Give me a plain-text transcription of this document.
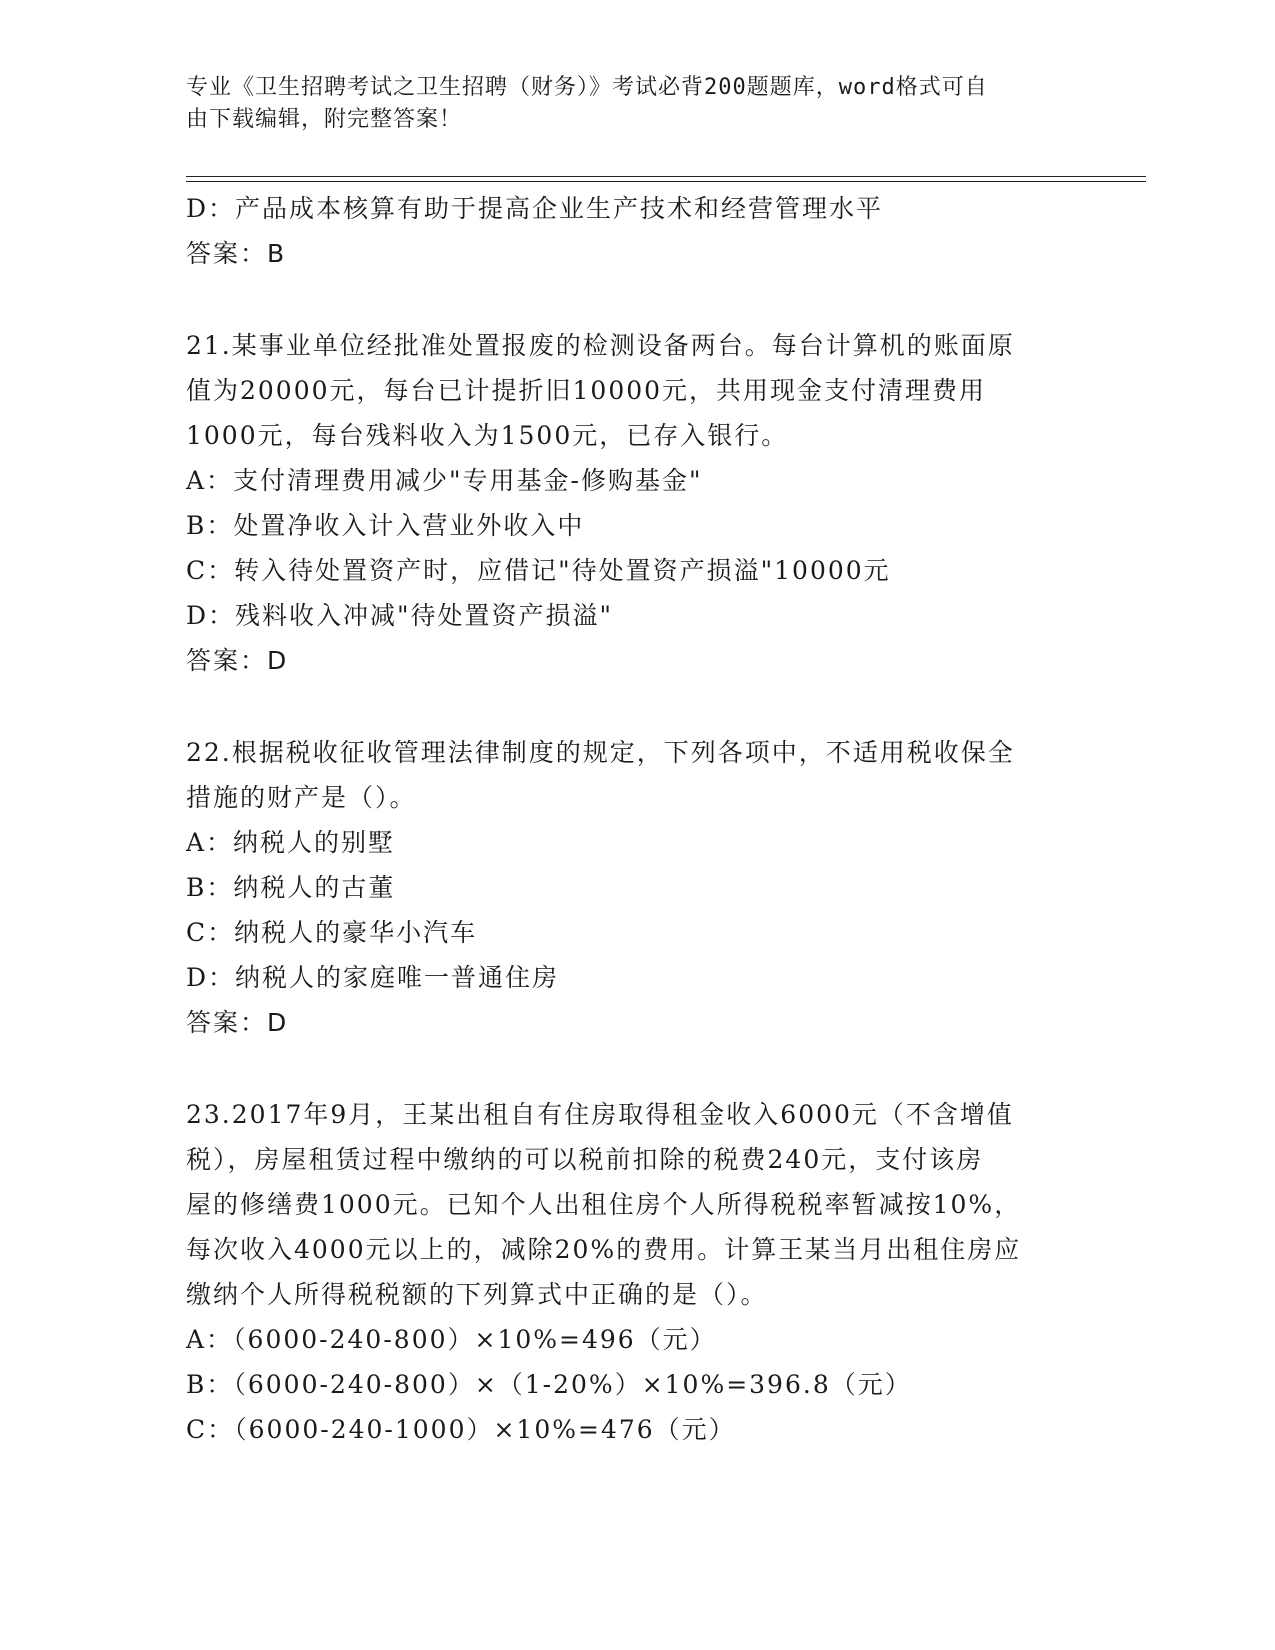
专业《卫生招聘考试之卫生招聘（财务）》考试必背200题题库，word格式可自
由下载编辑，附完整答案！
D：产品成本核算有助于提高企业生产技术和经营管理水平
答案：B
21.某事业单位经批准处置报废的检测设备两台。每台计算机的账面原
值为20000元，每台已计提折旧10000元，共用现金支付清理费用
1000元，每台残料收入为1500元，已存入银行。
A：支付清理费用减少"专用基金-修购基金"
B：处置净收入计入营业外收入中
C：转入待处置资产时，应借记"待处置资产损溢"10000元
D：残料收入冲减"待处置资产损溢"
答案：D
22.根据税收征收管理法律制度的规定，下列各项中，不适用税收保全
措施的财产是（）。
A：纳税人的别墅
B：纳税人的古董
C：纳税人的豪华小汽车
D：纳税人的家庭唯一普通住房
答案：D
23.2017年9月，王某出租自有住房取得租金收入6000元（不含增值
税），房屋租赁过程中缴纳的可以税前扣除的税费240元，支付该房
屋的修缮费1000元。已知个人出租住房个人所得税税率暂减按10%，
每次收入4000元以上的，减除20%的费用。计算王某当月出租住房应
缴纳个人所得税税额的下列算式中正确的是（）。
A：（6000-240-800）×10%=496（元）
B：（6000-240-800）×（1-20%）×10%=396.8（元）
C：（6000-240-1000）×10%=476（元）
